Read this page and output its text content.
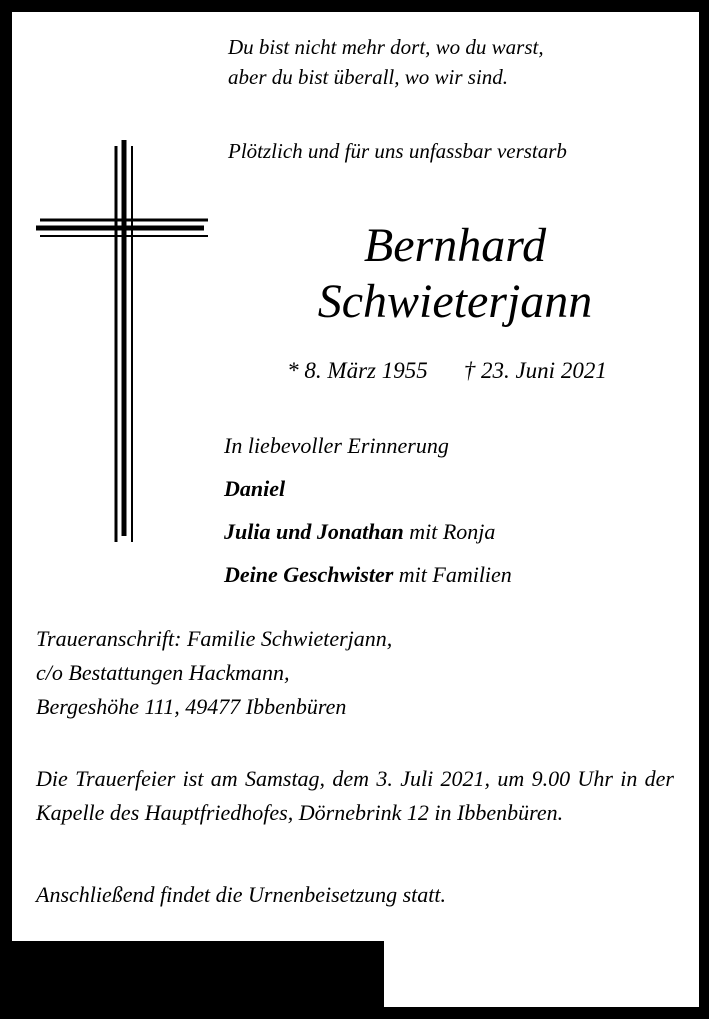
Du bist nicht mehr dort, wo du warst,
aber du bist überall, wo wir sind.
Plötzlich und für uns unfassbar verstarb
Bernhard
Schwieterjann
* 8. März 1955 † 23. Juni 2021
In liebevoller Erinnerung
Daniel
Julia und Jonathan mit Ronja
Deine Geschwister mit Familien
Traueranschrift: Familie Schwieterjann,
c/o Bestattungen Hackmann,
Bergeshöhe 111, 49477 Ibbenbüren
Die Trauerfeier ist am Samstag, dem 3. Juli 2021, um 9.00 Uhr in der Kapelle des Hauptfriedhofes, Dörnebrink 12 in Ibbenbüren.
Anschließend findet die Urnenbeisetzung statt.
